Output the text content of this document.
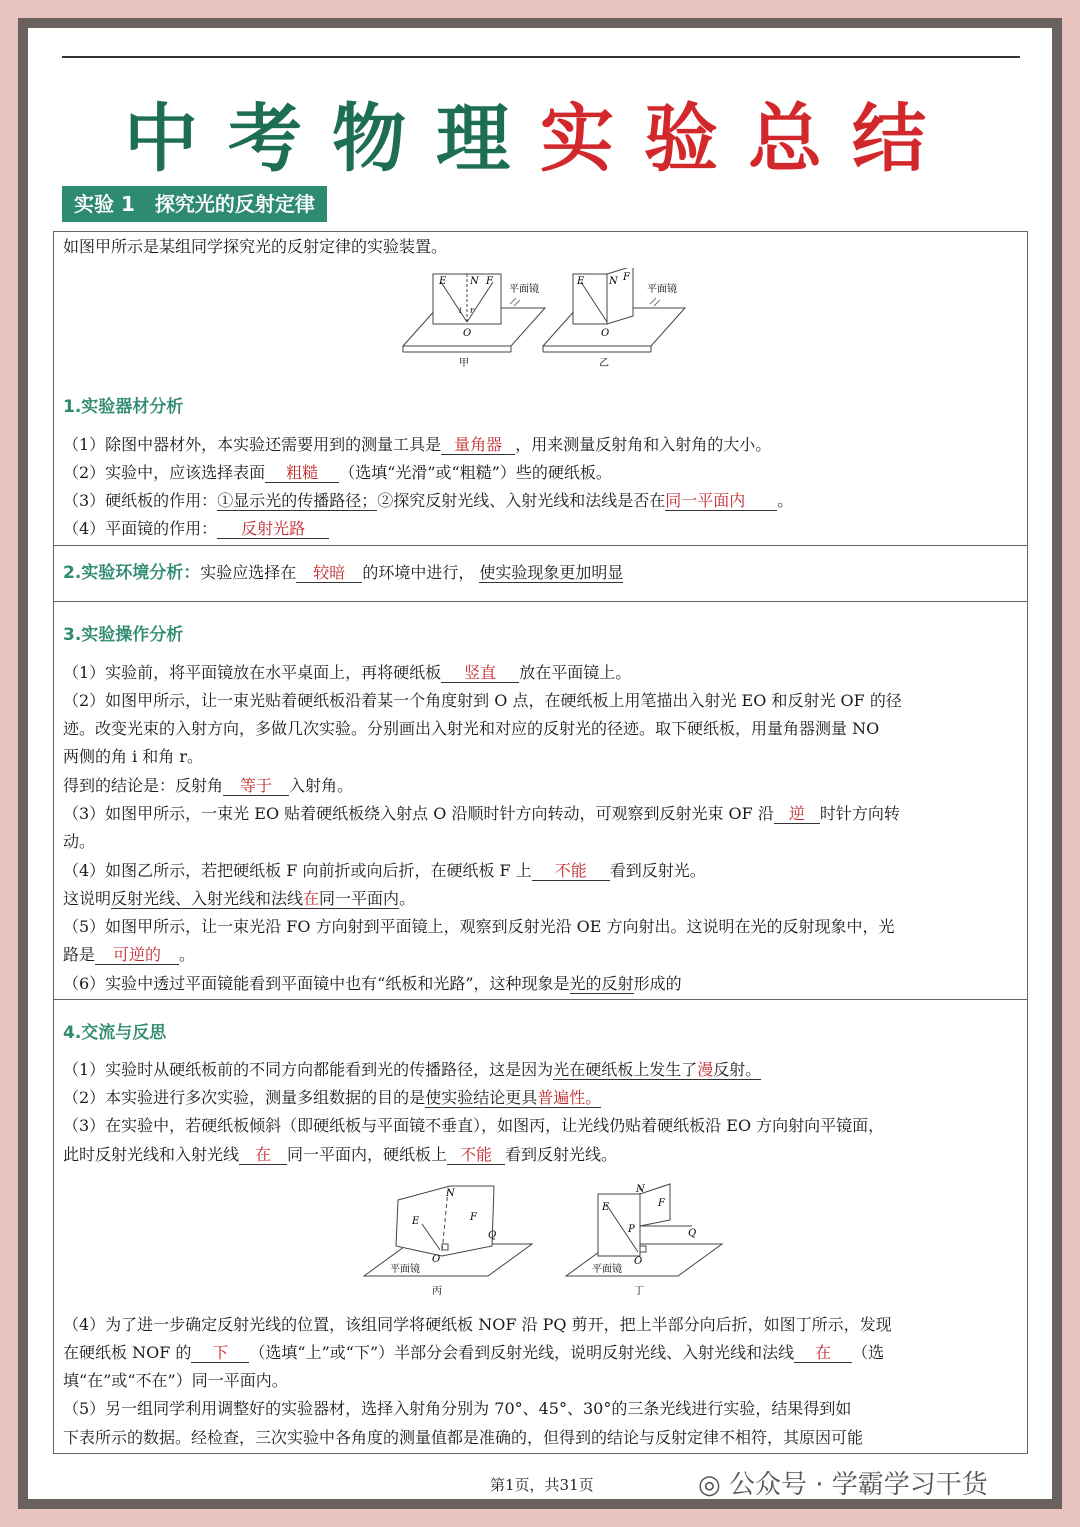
中考物理实验总结
实验 1　探究光的反射定律
如图甲所示是某组同学探究光的反射定律的实验装置。
E N F
i r
O
平面镜
甲
E N F
O
平面镜
乙
1.实验器材分析
（1）除图中器材外，本实验还需要用到的测量工具是 量角器 ，用来测量反射角和入射角的大小。
（2）实验中，应该选择表面 粗糙 （选填“光滑”或“粗糙”）些的硬纸板。
（3）硬纸板的作用：①显示光的传播路径；②探究反射光线、入射光线和法线是否在同一平面内 。
（4）平面镜的作用： 反射光路
2.实验环境分析：实验应选择在 较暗 的环境中进行， 使实验现象更加明显
3.实验操作分析
（1）实验前，将平面镜放在水平桌面上，再将硬纸板 竖直 放在平面镜上。
（2）如图甲所示，让一束光贴着硬纸板沿着某一个角度射到 O 点，在硬纸板上用笔描出入射光 EO 和反射光 OF 的径
迹。改变光束的入射方向，多做几次实验。分别画出入射光和对应的反射光的径迹。取下硬纸板，用量角器测量 NO
两侧的角 i 和角 r。
得到的结论是：反射角 等于 入射角。
（3）如图甲所示，一束光 EO 贴着硬纸板绕入射点 O 沿顺时针方向转动，可观察到反射光束 OF 沿 逆 时针方向转
动。
（4）如图乙所示，若把硬纸板 F 向前折或向后折，在硬纸板 F 上 不能 看到反射光。
这说明反射光线、入射光线和法线在同一平面内。
（5）如图甲所示，让一束光沿 FO 方向射到平面镜上，观察到反射光沿 OE 方向射出。这说明在光的反射现象中，光
路是 可逆的 。
（6）实验中透过平面镜能看到平面镜中也有“纸板和光路”，这种现象是光的反射形成的
4.交流与反思
（1）实验时从硬纸板前的不同方向都能看到光的传播路径，这是因为光在硬纸板上发生了漫反射。
（2）本实验进行多次实验，测量多组数据的目的是使实验结论更具普遍性。
（3）在实验中，若硬纸板倾斜（即硬纸板与平面镜不垂直），如图丙，让光线仍贴着硬纸板沿 EO 方向射向平镜面，
此时反射光线和入射光线 在 同一平面内，硬纸板上 不能 看到反射光线。
N
E	F
Q
O
平面镜
丙
N
E	F
P	Q
O
平面镜
丁
（4）为了进一步确定反射光线的位置，该组同学将硬纸板 NOF 沿 PQ 剪开，把上半部分向后折，如图丁所示，发现
在硬纸板 NOF 的 下 （选填“上”或“下”）半部分会看到反射光线，说明反射光线、入射光线和法线 在 （选
填“在”或“不在”）同一平面内。
（5）另一组同学利用调整好的实验器材，选择入射角分别为 70°、45°、30°的三条光线进行实验，结果得到如
下表所示的数据。经检查，三次实验中各角度的测量值都是准确的，但得到的结论与反射定律不相符，其原因可能
第1页，共31页	◎ 公众号 · 学霸学习干货
